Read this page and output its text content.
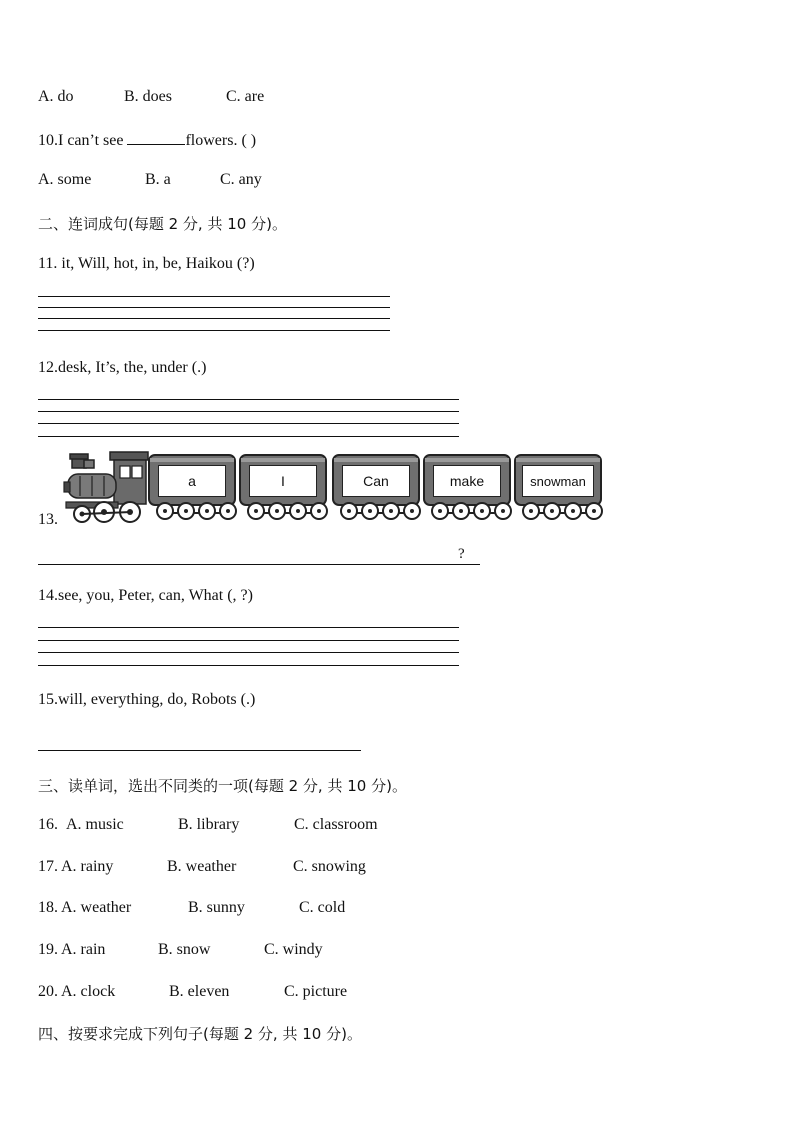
A. do	B. does	C. are
10.I can’t see	flowers. ( )
A. some	B. a	C. any
二、连词成句(每题 2 分, 共 10 分)。
11. it, Will, hot, in, be, Haikou (?)
12.desk, It’s, the, under (.)
13.
a	I	Can	make	snowman
?
14.see, you, Peter, can, What (, ?)
15.will, everything, do, Robots (.)
三、读单词，选出不同类的一项(每题 2 分, 共 10 分)。
16. A. music	B. library	C. classroom
17. A. rainy	B. weather	C. snowing
18. A. weather	B. sunny	C. cold
19. A. rain	B. snow	C. windy
20. A. clock	B. eleven	C. picture
四、按要求完成下列句子(每题 2 分, 共 10 分)。
